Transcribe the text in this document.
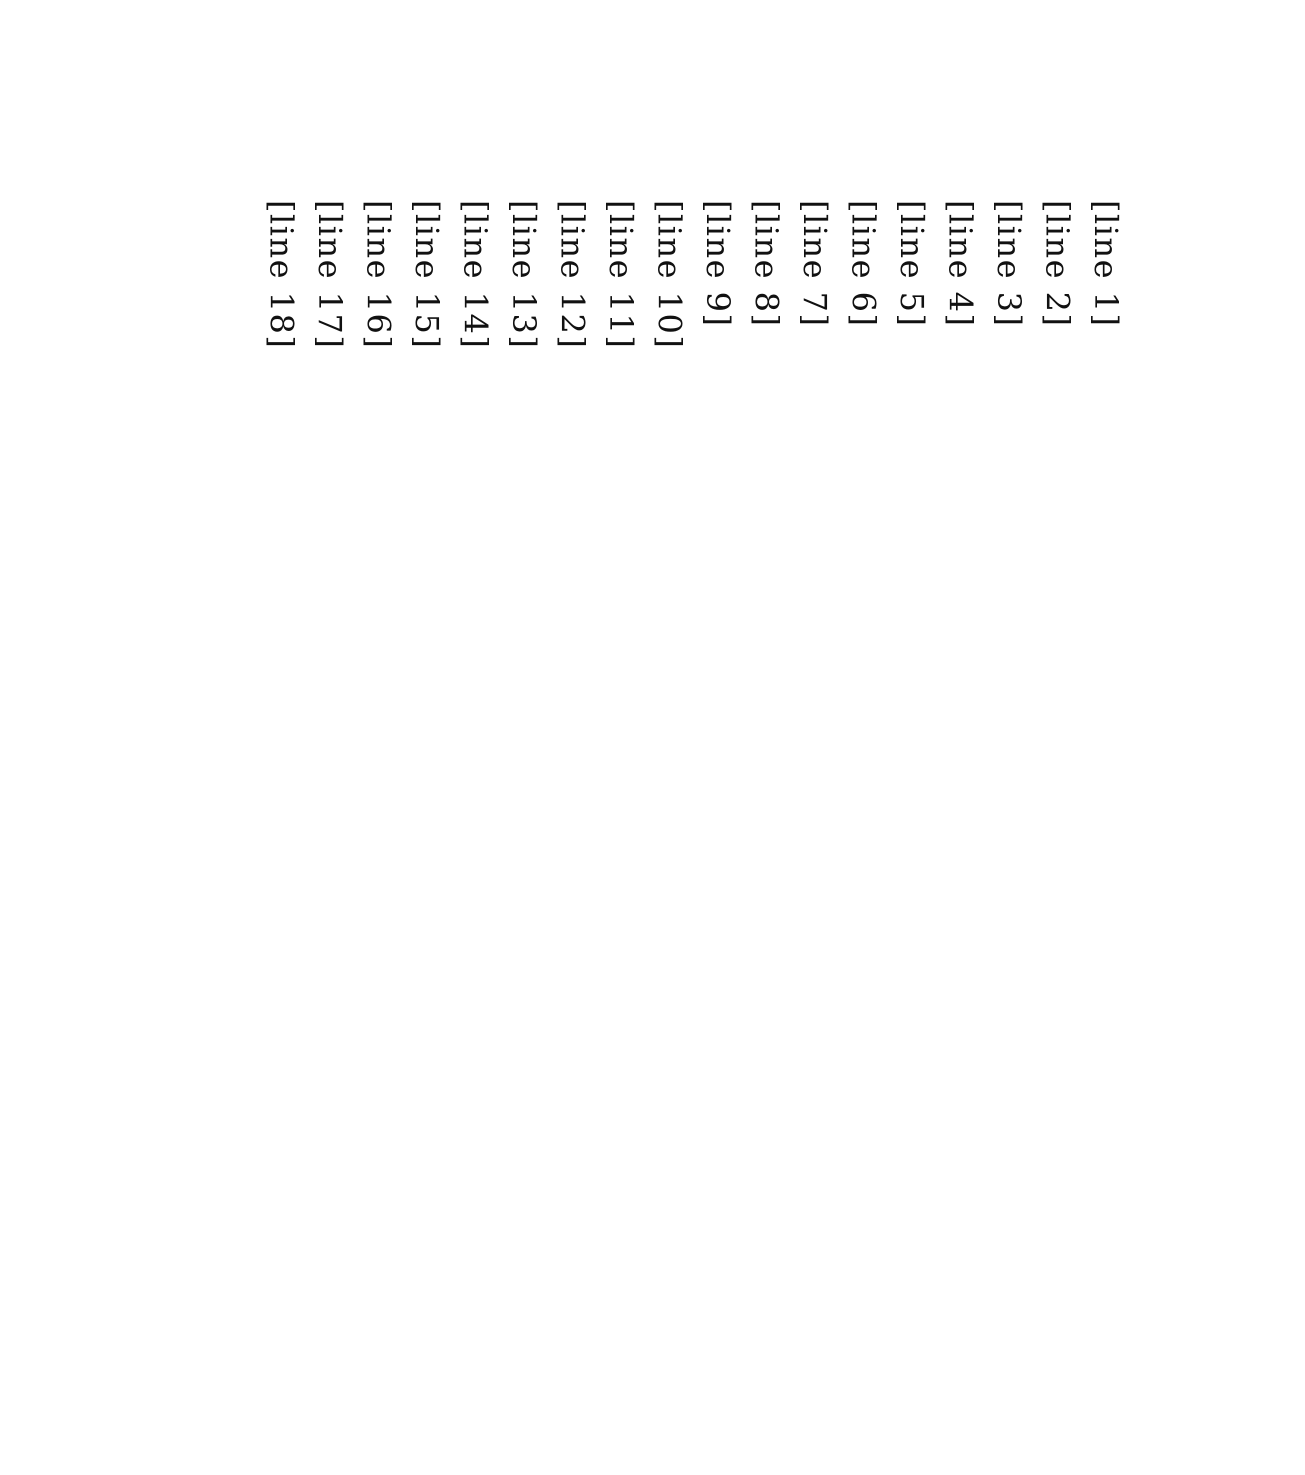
[line 1]
[line 2]
[line 3]
[line 4]
[line 5]
[line 6]
[line 7]
[line 8]
[line 9]
[line 10]
[line 11]
[line 12]
[line 13]
[line 14]
[line 15]
[line 16]
[line 17]
[line 18]
